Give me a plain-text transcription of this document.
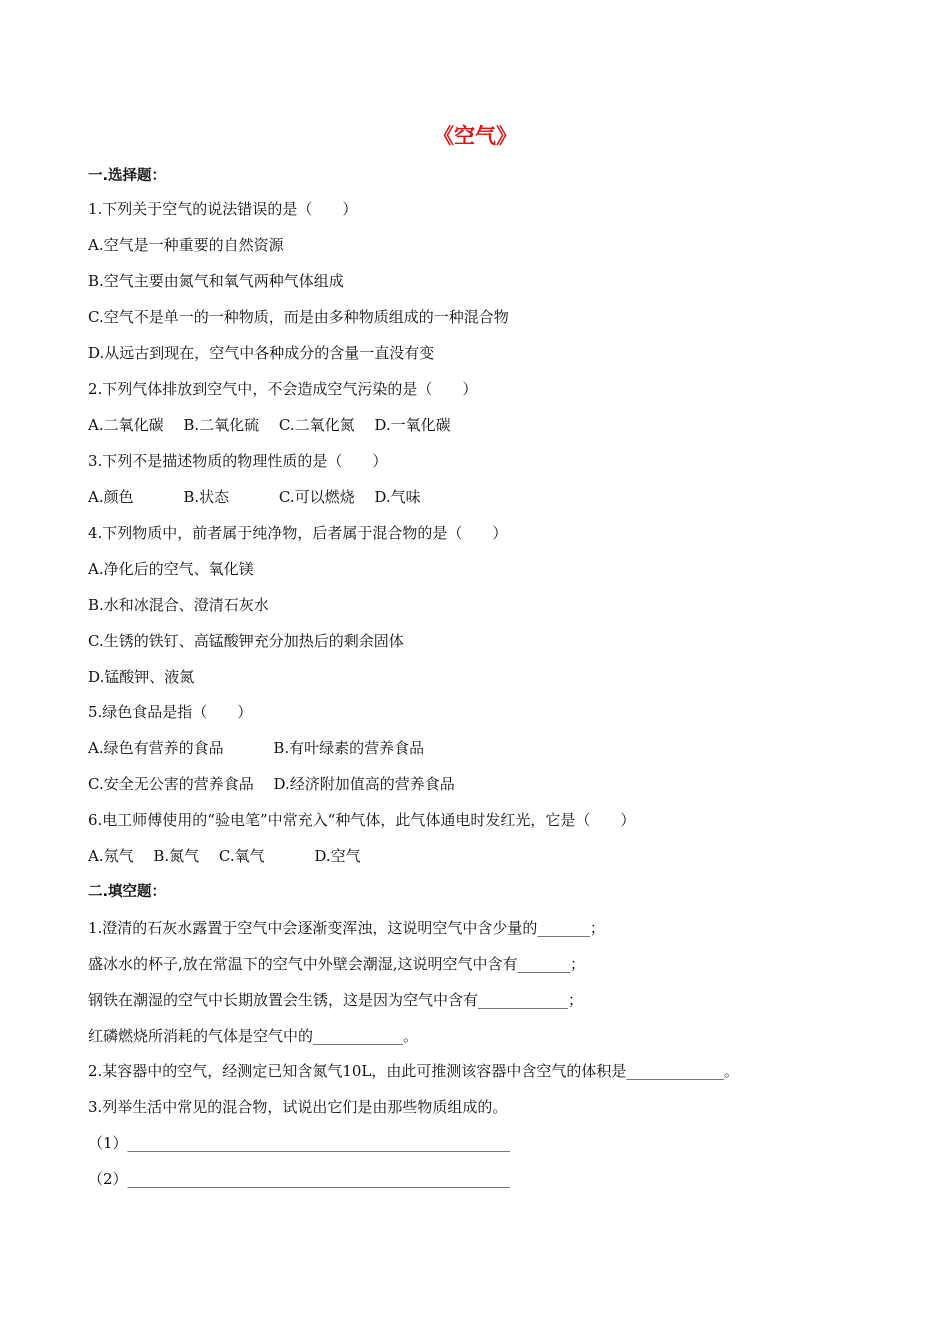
《空气》
一.选择题：
1.下列关于空气的说法错误的是（　　）
A.空气是一种重要的自然资源
B.空气主要由氮气和氧气两种气体组成
C.空气不是单一的一种物质，而是由多种物质组成的一种混合物
D.从远古到现在，空气中各种成分的含量一直没有变
2.下列气体排放到空气中，不会造成空气污染的是（　　）
A.二氧化碳　 B.二氧化硫　 C.二氧化氮　 D.一氧化碳
3.下列不是描述物质的物理性质的是（　　）
A.颜色　　　 B.状态　　　 C.可以燃烧　 D.气味
4.下列物质中，前者属于纯净物，后者属于混合物的是（　　）
A.净化后的空气、氧化镁
B.水和冰混合、澄清石灰水
C.生锈的铁钉、高锰酸钾充分加热后的剩余固体
D.锰酸钾、液氮
5.绿色食品是指（　　）
A.绿色有营养的食品　　　 B.有叶绿素的营养食品
C.安全无公害的营养食品　 D.经济附加值高的营养食品
6.电工师傅使用的“验电笔”中常充入“种气体，此气体通电时发红光，它是（　　）
A.氖气　 B.氮气　 C.氧气　　　 D.空气
二.填空题：
1.澄清的石灰水露置于空气中会逐渐变浑浊，这说明空气中含少量的_______；
盛冰水的杯子,放在常温下的空气中外壁会潮湿,这说明空气中含有_______；
钢铁在潮湿的空气中长期放置会生锈，这是因为空气中含有____________；
红磷燃烧所消耗的气体是空气中的____________。
2.某容器中的空气，经测定已知含氮气10L，由此可推测该容器中含空气的体积是_____________。
3.列举生活中常见的混合物，试说出它们是由那些物质组成的。
（1）___________________________________________________
（2）___________________________________________________
